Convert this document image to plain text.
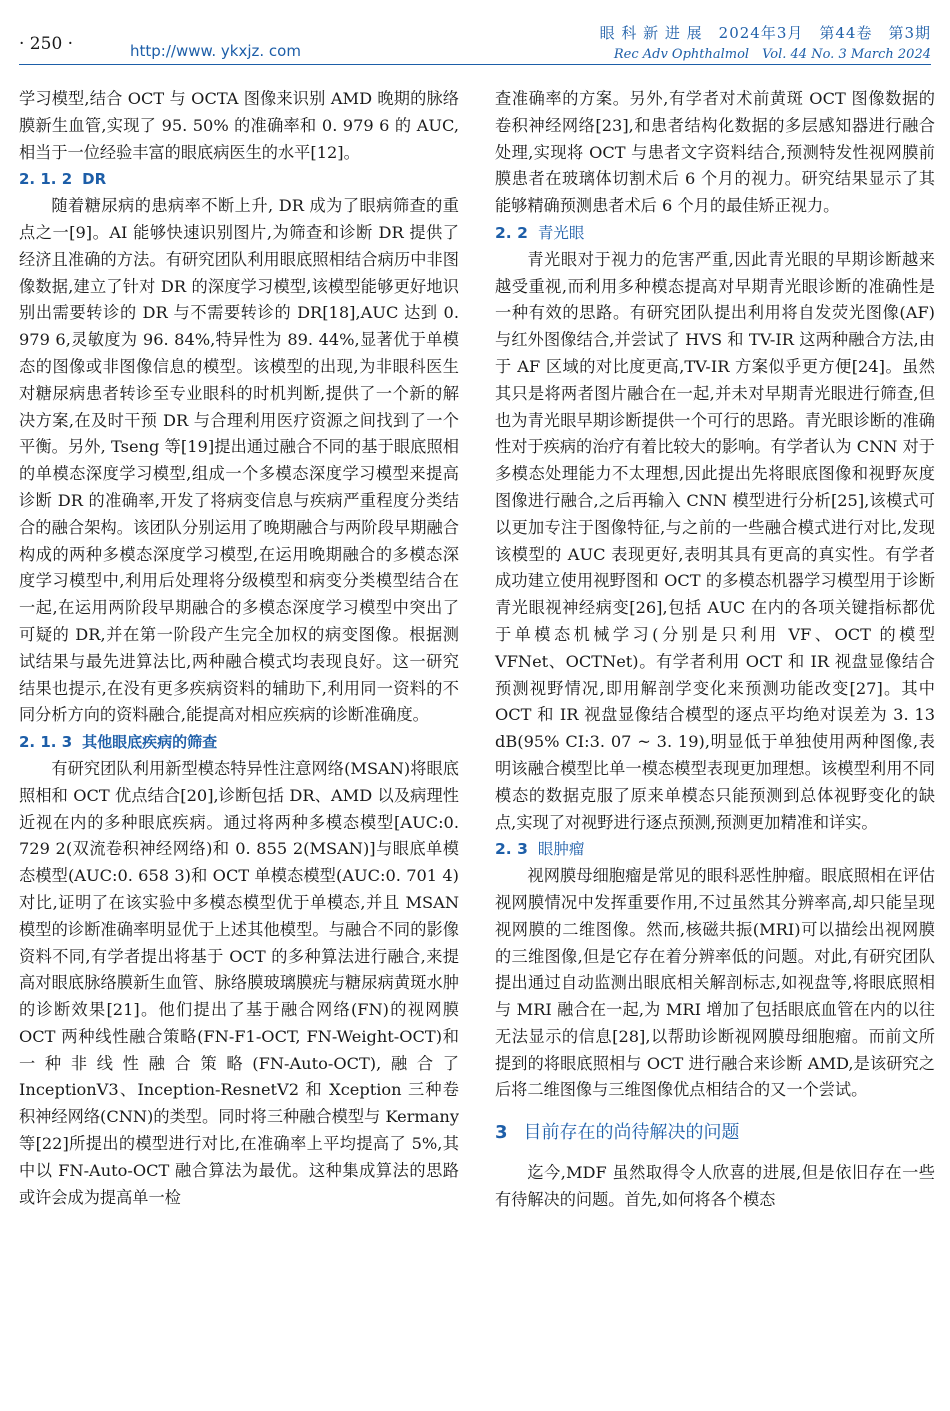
· 250 ·	http://www. ykxjz. com
眼 科 新 进 展　2024年3月　第44卷　第3期
Rec Adv Ophthalmol　Vol. 44 No. 3 March 2024

学习模型,结合 OCT 与 OCTA 图像来识别 AMD 晚期的脉络膜新生血管,实现了 95. 50% 的准确率和 0. 979 6 的 AUC,相当于一位经验丰富的眼底病医生的水平[12]。

2. 1. 2 DR

随着糖尿病的患病率不断上升, DR 成为了眼病筛查的重点之一[9]。AI 能够快速识别图片,为筛查和诊断 DR 提供了经济且准确的方法。有研究团队利用眼底照相结合病历中非图像数据,建立了针对 DR 的深度学习模型,该模型能够更好地识别出需要转诊的 DR 与不需要转诊的 DR[18],AUC 达到 0. 979 6,灵敏度为 96. 84%,特异性为 89. 44%,显著优于单模态的图像或非图像信息的模型。该模型的出现,为非眼科医生对糖尿病患者转诊至专业眼科的时机判断,提供了一个新的解决方案,在及时干预 DR 与合理利用医疗资源之间找到了一个平衡。另外, Tseng 等[19]提出通过融合不同的基于眼底照相的单模态深度学习模型,组成一个多模态深度学习模型来提高诊断 DR 的准确率,开发了将病变信息与疾病严重程度分类结合的融合架构。该团队分别运用了晚期融合与两阶段早期融合构成的两种多模态深度学习模型,在运用晚期融合的多模态深度学习模型中,利用后处理将分级模型和病变分类模型结合在一起,在运用两阶段早期融合的多模态深度学习模型中突出了可疑的 DR,并在第一阶段产生完全加权的病变图像。根据测试结果与最先进算法比,两种融合模式均表现良好。这一研究结果也提示,在没有更多疾病资料的辅助下,利用同一资料的不同分析方向的资料融合,能提高对相应疾病的诊断准确度。

2. 1. 3 其他眼底疾病的筛查

有研究团队利用新型模态特异性注意网络(MSAN)将眼底照相和 OCT 优点结合[20],诊断包括 DR、AMD 以及病理性近视在内的多种眼底疾病。通过将两种多模态模型[AUC:0. 729 2(双流卷积神经网络)和 0. 855 2(MSAN)]与眼底单模态模型(AUC:0. 658 3)和 OCT 单模态模型(AUC:0. 701 4)对比,证明了在该实验中多模态模型优于单模态,并且 MSAN 模型的诊断准确率明显优于上述其他模型。与融合不同的影像资料不同,有学者提出将基于 OCT 的多种算法进行融合,来提高对眼底脉络膜新生血管、脉络膜玻璃膜疣与糖尿病黄斑水肿的诊断效果[21]。他们提出了基于融合网络(FN)的视网膜 OCT 两种线性融合策略(FN-F1-OCT, FN-Weight-OCT)和一种非线性融合策略(FN-Auto-OCT),融合了 InceptionV3、Inception-ResnetV2 和 Xception 三种卷积神经网络(CNN)的类型。同时将三种融合模型与 Kermany 等[22]所提出的模型进行对比,在准确率上平均提高了 5%,其中以 FN-Auto-OCT 融合算法为最优。这种集成算法的思路或许会成为提高单一检

查准确率的方案。另外,有学者对术前黄斑 OCT 图像数据的卷积神经网络[23],和患者结构化数据的多层感知器进行融合处理,实现将 OCT 与患者文字资料结合,预测特发性视网膜前膜患者在玻璃体切割术后 6 个月的视力。研究结果显示了其能够精确预测患者术后 6 个月的最佳矫正视力。

2. 2 青光眼

青光眼对于视力的危害严重,因此青光眼的早期诊断越来越受重视,而利用多种模态提高对早期青光眼诊断的准确性是一种有效的思路。有研究团队提出利用将自发荧光图像(AF)与红外图像结合,并尝试了 HVS 和 TV-IR 这两种融合方法,由于 AF 区域的对比度更高,TV-IR 方案似乎更方便[24]。虽然其只是将两者图片融合在一起,并未对早期青光眼进行筛查,但也为青光眼早期诊断提供一个可行的思路。青光眼诊断的准确性对于疾病的治疗有着比较大的影响。有学者认为 CNN 对于多模态处理能力不太理想,因此提出先将眼底图像和视野灰度图像进行融合,之后再输入 CNN 模型进行分析[25],该模式可以更加专注于图像特征,与之前的一些融合模式进行对比,发现该模型的 AUC 表现更好,表明其具有更高的真实性。有学者成功建立使用视野图和 OCT 的多模态机器学习模型用于诊断青光眼视神经病变[26],包括 AUC 在内的各项关键指标都优于单模态机械学习(分别是只利用 VF、OCT 的模型 VFNet、OCTNet)。有学者利用 OCT 和 IR 视盘显像结合预测视野情况,即用解剖学变化来预测功能改变[27]。其中 OCT 和 IR 视盘显像结合模型的逐点平均绝对误差为 3. 13 dB(95% CI:3. 07 ~ 3. 19),明显低于单独使用两种图像,表明该融合模型比单一模态模型表现更加理想。该模型利用不同模态的数据克服了原来单模态只能预测到总体视野变化的缺点,实现了对视野进行逐点预测,预测更加精准和详实。

2. 3 眼肿瘤

视网膜母细胞瘤是常见的眼科恶性肿瘤。眼底照相在评估视网膜情况中发挥重要作用,不过虽然其分辨率高,却只能呈现视网膜的二维图像。然而,核磁共振(MRI)可以描绘出视网膜的三维图像,但是它存在着分辨率低的问题。对此,有研究团队提出通过自动监测出眼底相关解剖标志,如视盘等,将眼底照相与 MRI 融合在一起,为 MRI 增加了包括眼底血管在内的以往无法显示的信息[28],以帮助诊断视网膜母细胞瘤。而前文所提到的将眼底照相与 OCT 进行融合来诊断 AMD,是该研究之后将二维图像与三维图像优点相结合的又一个尝试。

3 目前存在的尚待解决的问题

迄今,MDF 虽然取得令人欣喜的进展,但是依旧存在一些有待解决的问题。首先,如何将各个模态
